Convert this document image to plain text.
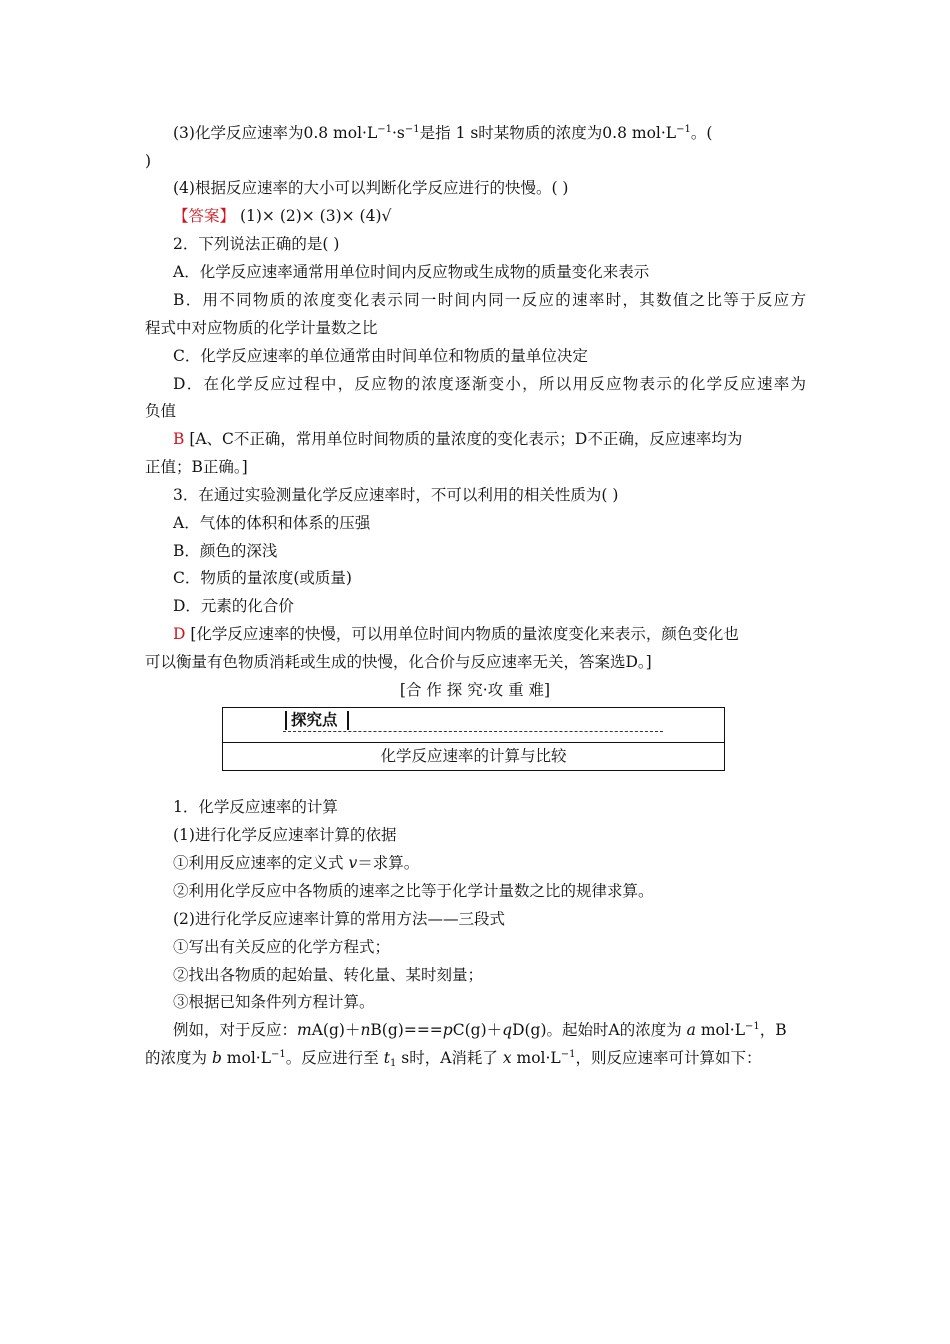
(3)化学反应速率为0.8 $mol\cdot L^{-1}\cdot s^{-1}$是指 1 s时某物质的浓度为0.8 $mol\cdot L^{-1}$。(
)
(4)根据反应速率的大小可以判断化学反应进行的快慢。( )
【答案】 (1)× (2)× (3)× (4)√
2．下列说法正确的是( )
A．化学反应速率通常用单位时间内反应物或生成物的质量变化来表示
B．用不同物质的浓度变化表示同一时间内同一反应的速率时，其数值之比等于反应方
程式中对应物质的化学计量数之比
C．化学反应速率的单位通常由时间单位和物质的量单位决定
D．在化学反应过程中，反应物的浓度逐渐变小，所以用反应物表示的化学反应速率为
负值
B [A、C不正确，常用单位时间物质的量浓度的变化表示；D不正确，反应速率均为
正值；B正确。]
3．在通过实验测量化学反应速率时，不可以利用的相关性质为( )
A．气体的体积和体系的压强
B．颜色的深浅
C．物质的量浓度(或质量)
D．元素的化合价
D [化学反应速率的快慢，可以用单位时间内物质的量浓度变化来表示，颜色变化也
可以衡量有色物质消耗或生成的快慢，化合价与反应速率无关，答案选D。]
[合 作 探 究·攻 重 难]
探究点
化学反应速率的计算与比较
1．化学反应速率的计算
(1)进行化学反应速率计算的依据
①利用反应速率的定义式 v＝求算。
②利用化学反应中各物质的速率之比等于化学计量数之比的规律求算。
(2)进行化学反应速率计算的常用方法——三段式
①写出有关反应的化学方程式；
②找出各物质的起始量、转化量、某时刻量；
③根据已知条件列方程计算。
例如，对于反应：mA(g)＋nB(g)===pC(g)＋qD(g)。起始时A的浓度为 a $mol\cdot L^{-1}$，B
的浓度为 b $mol\cdot L^{-1}$。反应进行至 $t_1$ s时，A消耗了 x $mol\cdot L^{-1}$，则反应速率可计算如下：
